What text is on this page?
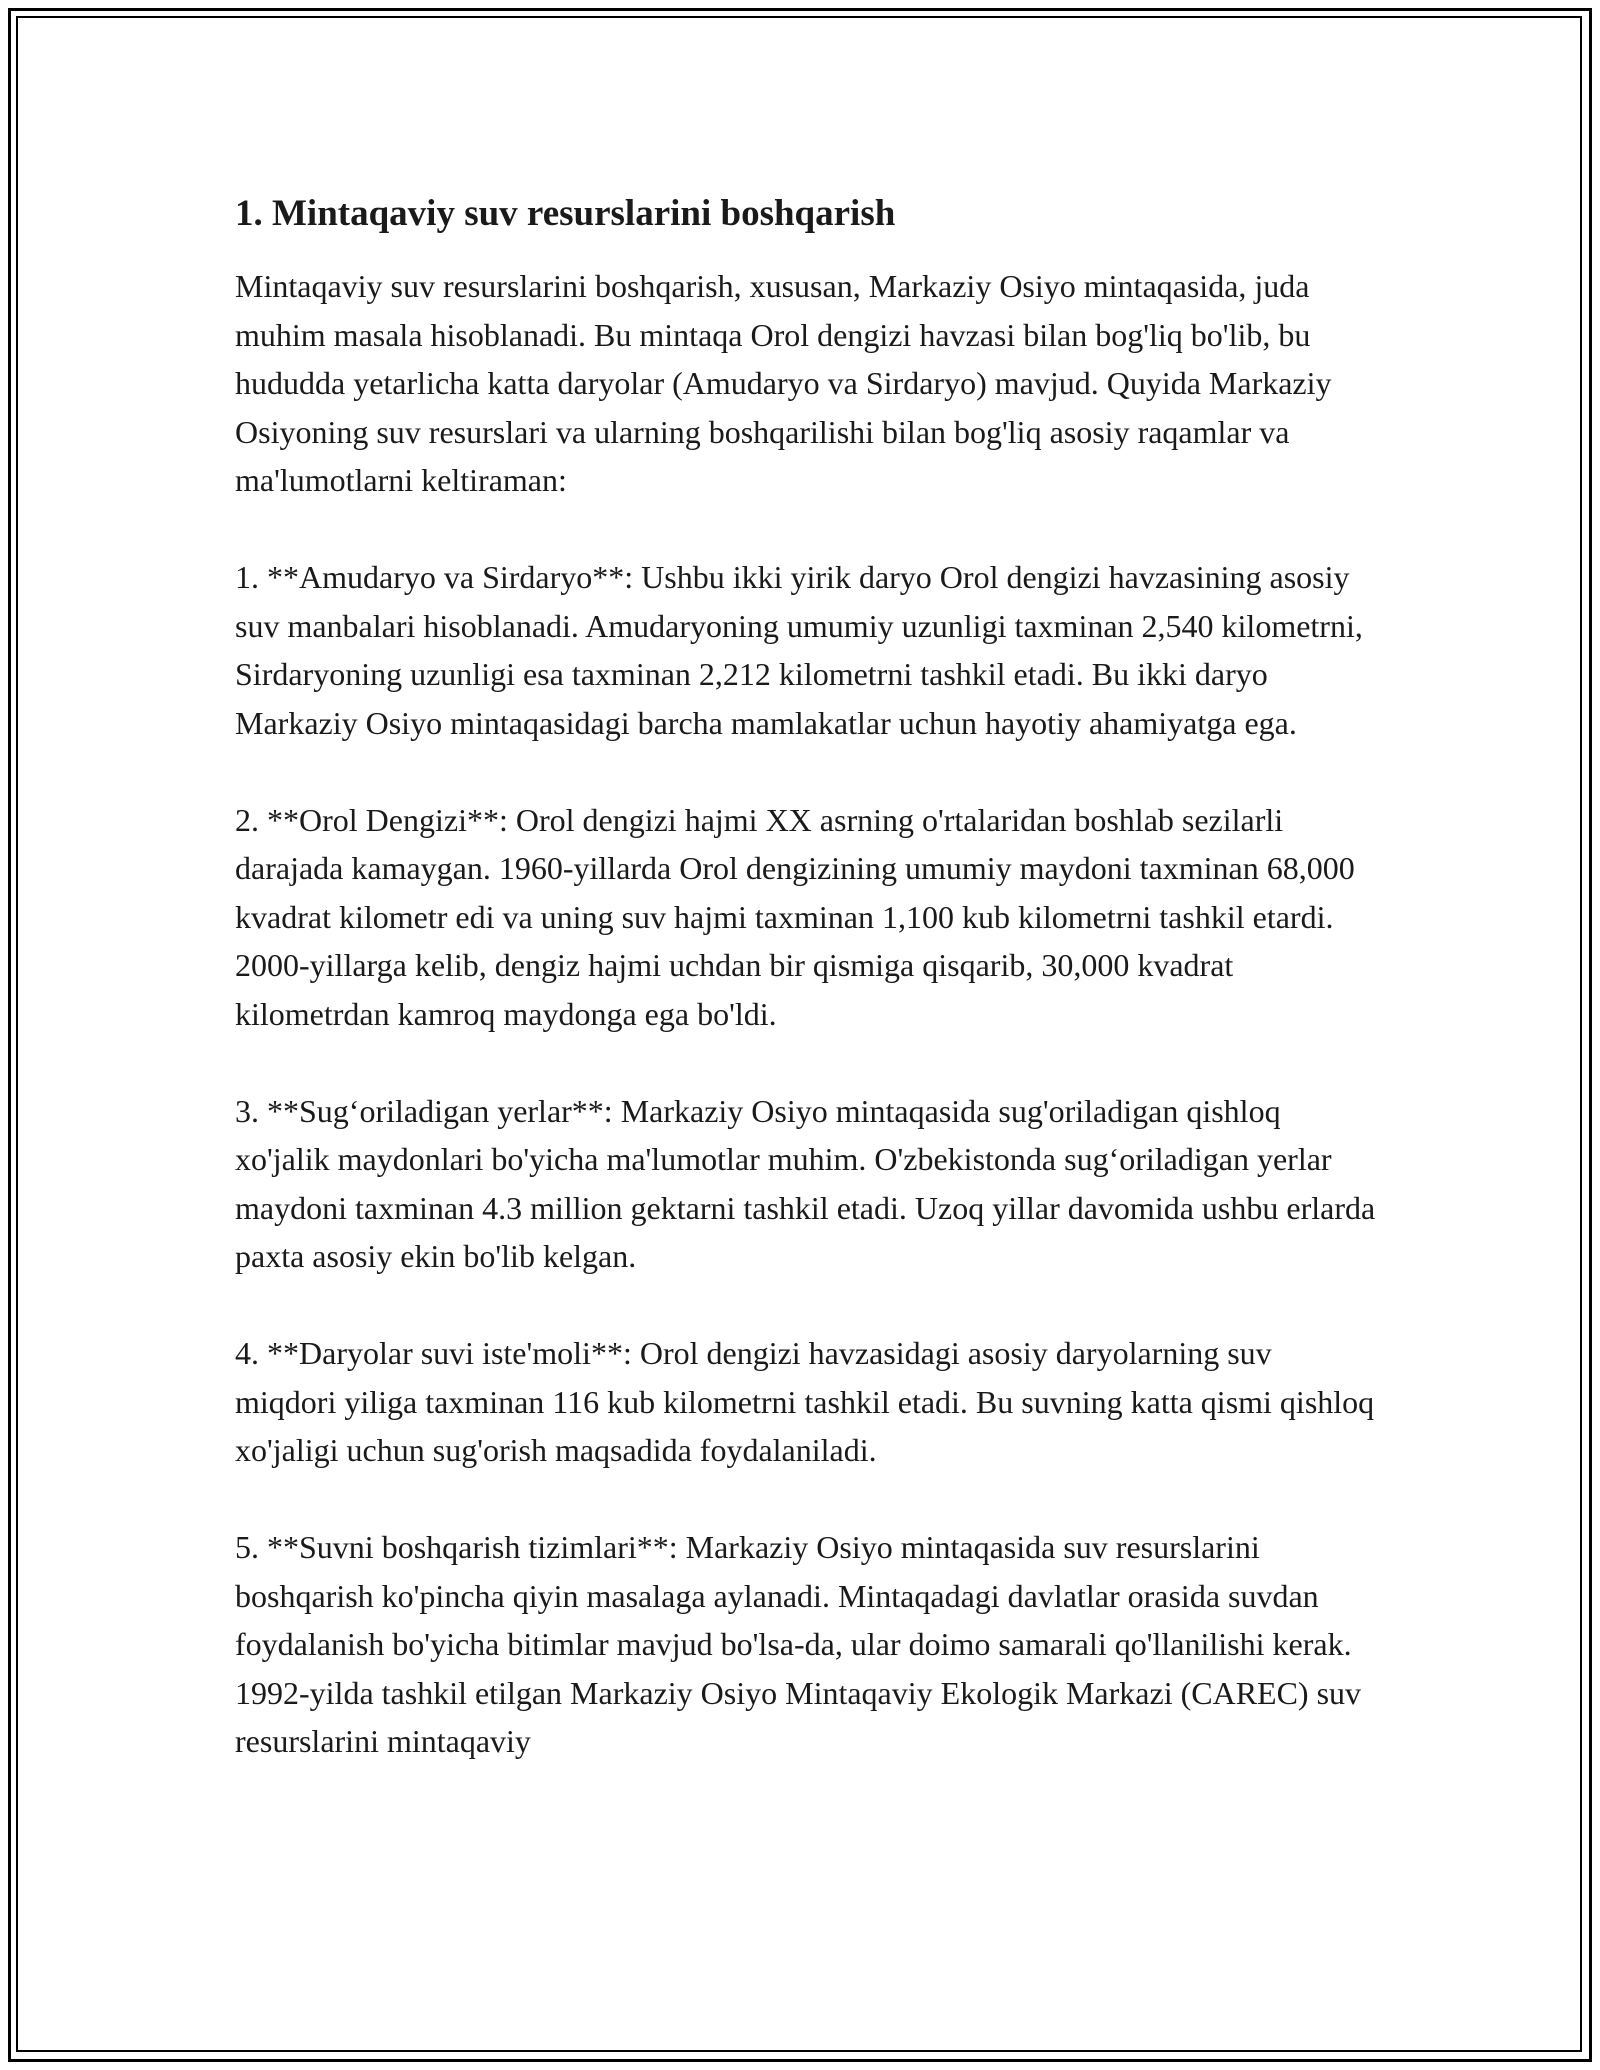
1. Mintaqaviy suv resurslarini boshqarish

Mintaqaviy suv resurslarini boshqarish, xususan, Markaziy Osiyo mintaqasida, juda muhim masala hisoblanadi. Bu mintaqa Orol dengizi havzasi bilan bog'liq bo'lib, bu hududda yetarlicha katta daryolar (Amudaryo va Sirdaryo) mavjud. Quyida Markaziy Osiyoning suv resurslari va ularning boshqarilishi bilan bog'liq asosiy raqamlar va ma'lumotlarni keltiraman:

1. **Amudaryo va Sirdaryo**: Ushbu ikki yirik daryo Orol dengizi havzasining asosiy suv manbalari hisoblanadi. Amudaryoning umumiy uzunligi taxminan 2,540 kilometrni, Sirdaryoning uzunligi esa taxminan 2,212 kilometrni tashkil etadi. Bu ikki daryo Markaziy Osiyo mintaqasidagi barcha mamlakatlar uchun hayotiy ahamiyatga ega.

2. **Orol Dengizi**: Orol dengizi hajmi XX asrning o'rtalaridan boshlab sezilarli darajada kamaygan. 1960-yillarda Orol dengizining umumiy maydoni taxminan 68,000 kvadrat kilometr edi va uning suv hajmi taxminan 1,100 kub kilometrni tashkil etardi. 2000-yillarga kelib, dengiz hajmi uchdan bir qismiga qisqarib, 30,000 kvadrat kilometrdan kamroq maydonga ega bo'ldi.

3. **Sug‘oriladigan yerlar**: Markaziy Osiyo mintaqasida sug'oriladigan qishloq xo'jalik maydonlari bo'yicha ma'lumotlar muhim. O'zbekistonda sug‘oriladigan yerlar maydoni taxminan 4.3 million gektarni tashkil etadi. Uzoq yillar davomida ushbu erlarda paxta asosiy ekin bo'lib kelgan.

4. **Daryolar suvi iste'moli**: Orol dengizi havzasidagi asosiy daryolarning suv miqdori yiliga taxminan 116 kub kilometrni tashkil etadi. Bu suvning katta qismi qishloq xo'jaligi uchun sug'orish maqsadida foydalaniladi.

5. **Suvni boshqarish tizimlari**: Markaziy Osiyo mintaqasida suv resurslarini boshqarish ko'pincha qiyin masalaga aylanadi. Mintaqadagi davlatlar orasida suvdan foydalanish bo'yicha bitimlar mavjud bo'lsa-da, ular doimo samarali qo'llanilishi kerak. 1992-yilda tashkil etilgan Markaziy Osiyo Mintaqaviy Ekologik Markazi (CAREC) suv resurslarini mintaqaviy
